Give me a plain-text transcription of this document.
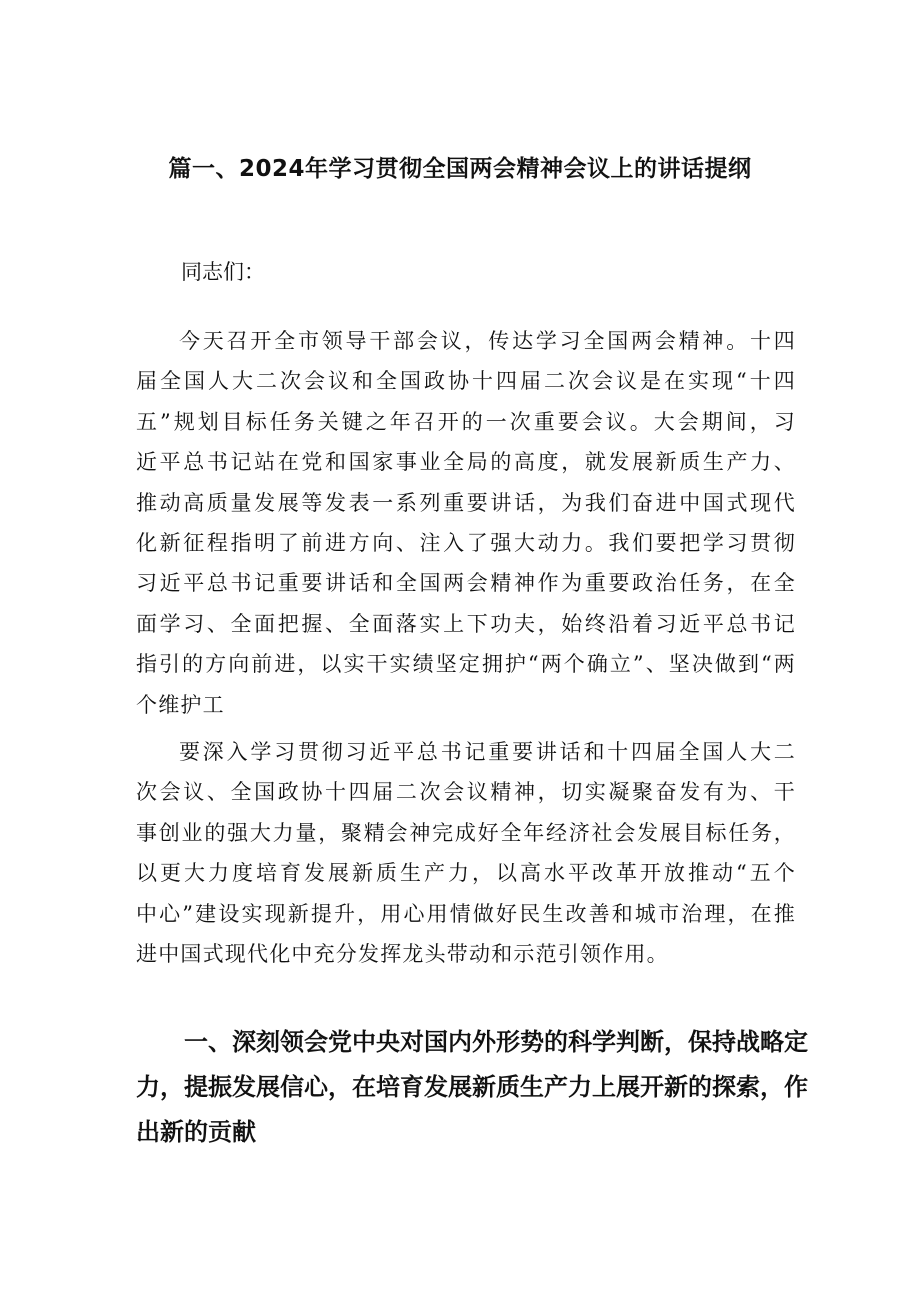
篇一、2024年学习贯彻全国两会精神会议上的讲话提纲

同志们：

今天召开全市领导干部会议，传达学习全国两会精神。十四
届全国人大二次会议和全国政协十四届二次会议是在实现“十四
五”规划目标任务关键之年召开的一次重要会议。大会期间，习
近平总书记站在党和国家事业全局的高度，就发展新质生产力、
推动高质量发展等发表一系列重要讲话，为我们奋进中国式现代
化新征程指明了前进方向、注入了强大动力。我们要把学习贯彻
习近平总书记重要讲话和全国两会精神作为重要政治任务，在全
面学习、全面把握、全面落实上下功夫，始终沿着习近平总书记
指引的方向前进，以实干实绩坚定拥护“两个确立”、坚决做到“两
个维护工

要深入学习贯彻习近平总书记重要讲话和十四届全国人大二
次会议、全国政协十四届二次会议精神，切实凝聚奋发有为、干
事创业的强大力量，聚精会神完成好全年经济社会发展目标任务，
以更大力度培育发展新质生产力，以高水平改革开放推动“五个
中心”建设实现新提升，用心用情做好民生改善和城市治理，在推
进中国式现代化中充分发挥龙头带动和示范引领作用。

一、深刻领会党中央对国内外形势的科学判断，保持战略定
力，提振发展信心，在培育发展新质生产力上展开新的探索，作
出新的贡献
